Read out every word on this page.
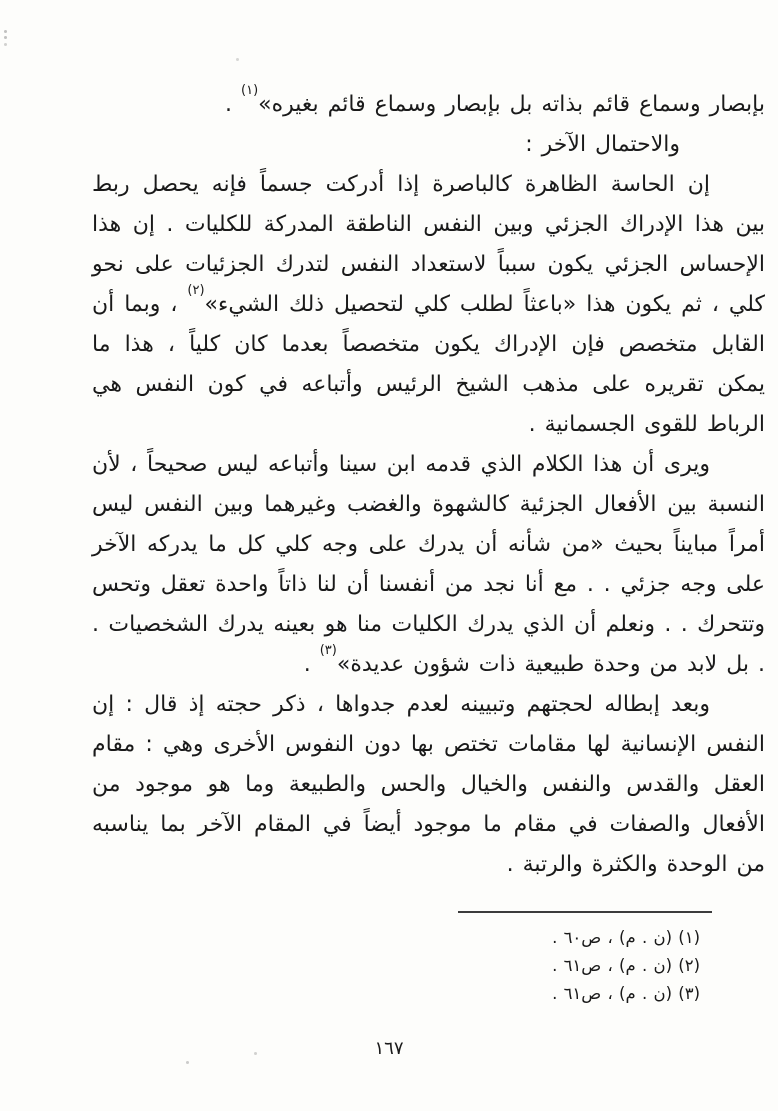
بإبصار وسماع قائم بذاته بل بإبصار وسماع قائم بغيره»$^{(١)}$ .

والاحتمال الآخر :

إن الحاسة الظاهرة كالباصرة إذا أدركت جسماً فإنه يحصل ربط بين هذا الإدراك الجزئي وبين النفس الناطقة المدركة للكليات . إن هذا الإحساس الجزئي يكون سبباً لاستعداد النفس لتدرك الجزئيات على نحو كلي ، ثم يكون هذا «باعثاً لطلب كلي لتحصيل ذلك الشيء»$^{(٢)}$ ، وبما أن القابل متخصص فإن الإدراك يكون متخصصاً بعدما كان كلياً ، هذا ما يمكن تقريره على مذهب الشيخ الرئيس وأتباعه في كون النفس هي الرباط للقوى الجسمانية .

ويرى أن هذا الكلام الذي قدمه ابن سينا وأتباعه ليس صحيحاً ، لأن النسبة بين الأفعال الجزئية كالشهوة والغضب وغيرهما وبين النفس ليس أمراً مبايناً بحيث «من شأنه أن يدرك على وجه كلي كل ما يدركه الآخر على وجه جزئي . . مع أنا نجد من أنفسنا أن لنا ذاتاً واحدة تعقل وتحس وتتحرك . . ونعلم أن الذي يدرك الكليات منا هو بعينه يدرك الشخصيات . . بل لابد من وحدة طبيعية ذات شؤون عديدة»$^{(٣)}$ .

وبعد إبطاله لحجتهم وتبيينه لعدم جدواها ، ذكر حجته إذ قال : إن النفس الإنسانية لها مقامات تختص بها دون النفوس الأخرى وهي : مقام العقل والقدس والنفس والخيال والحس والطبيعة وما هو موجود من الأفعال والصفات في مقام ما موجود أيضاً في المقام الآخر بما يناسبه من الوحدة والكثرة والرتبة .

(١) (ن . م) ، ص٦٠ .

(٢) (ن . م) ، ص٦١ .

(٣) (ن . م) ، ص٦١ .

١٦٧
